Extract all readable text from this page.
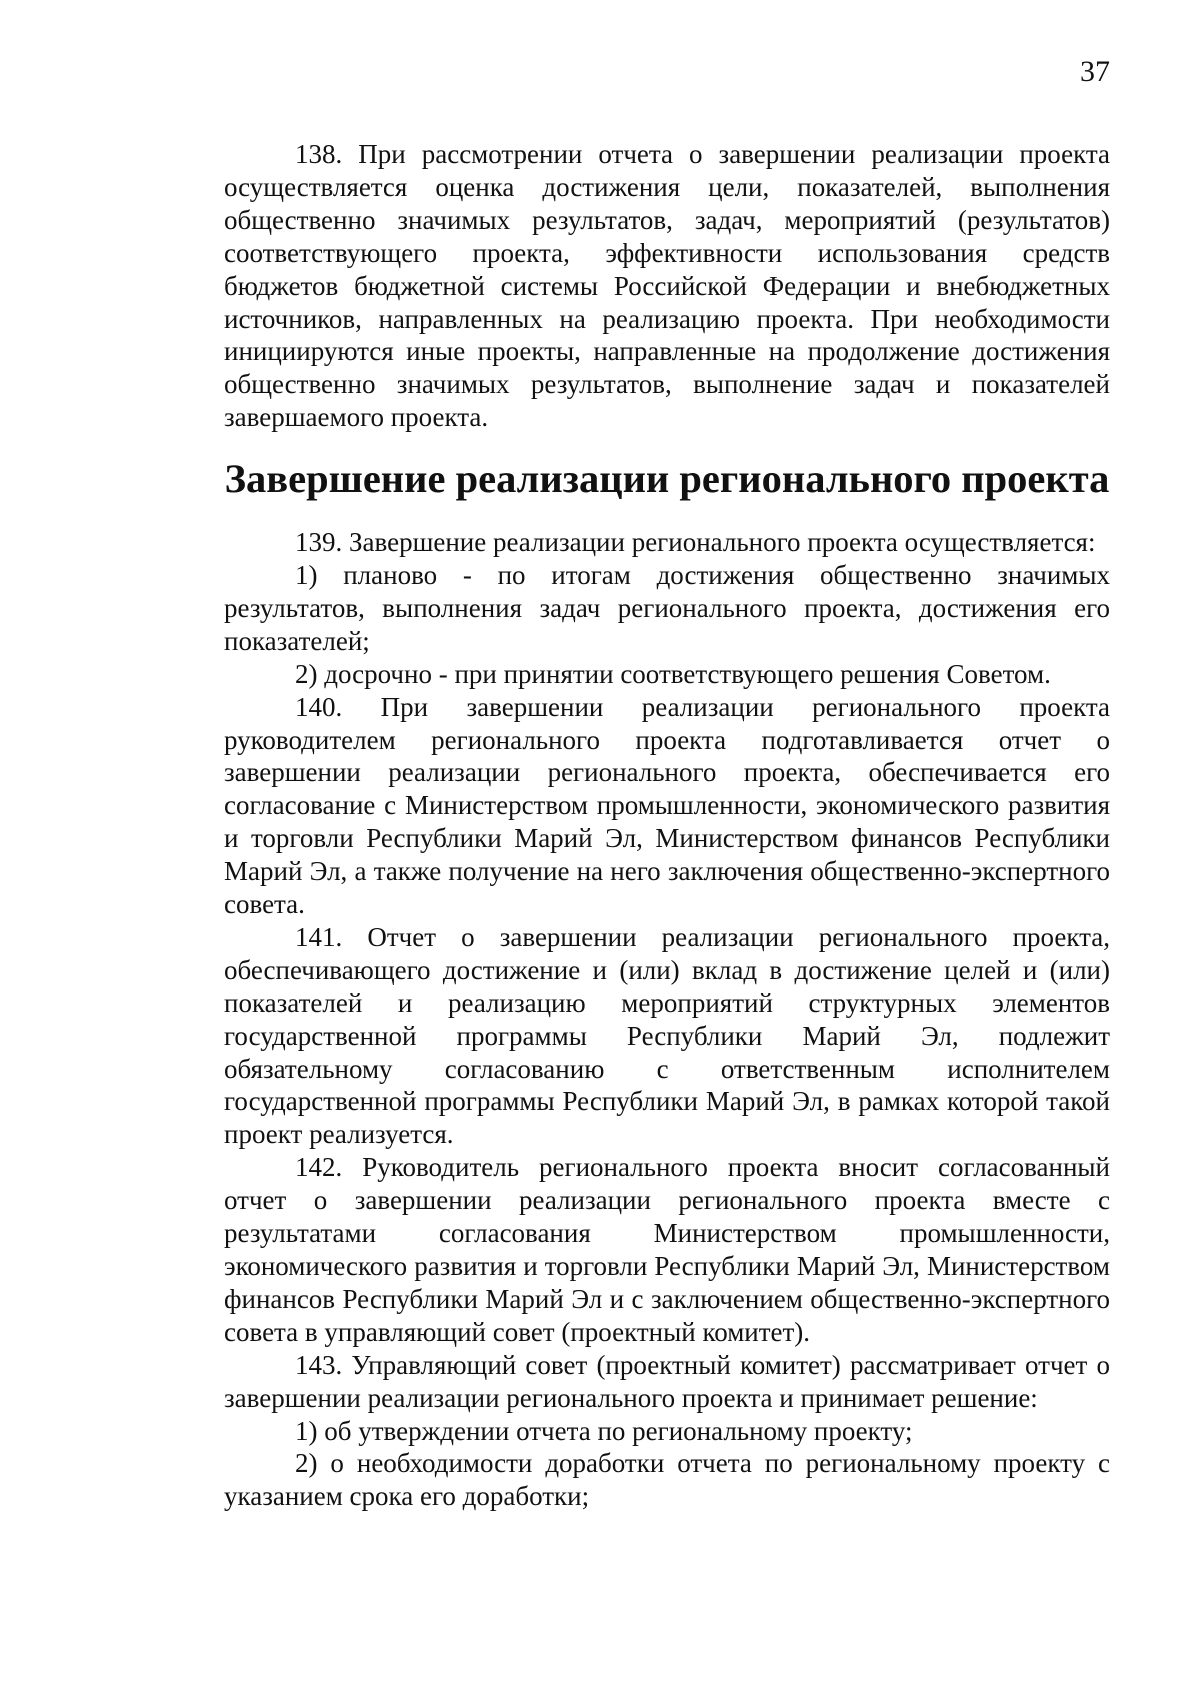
37

138. При рассмотрении отчета о завершении реализации проекта осуществляется оценка достижения цели, показателей, выполнения общественно значимых результатов, задач, мероприятий (результатов) соответствующего проекта, эффективности использования средств бюджетов бюджетной системы Российской Федерации и внебюджетных источников, направленных на реализацию проекта. При необходимости инициируются иные проекты, направленные на продолжение достижения общественно значимых результатов, выполнение задач и показателей завершаемого проекта.

Завершение реализации регионального проекта

139. Завершение реализации регионального проекта осуществляется:

1) планово - по итогам достижения общественно значимых результатов, выполнения задач регионального проекта, достижения его показателей;

2) досрочно - при принятии соответствующего решения Советом.

140. При завершении реализации регионального проекта руководителем регионального проекта подготавливается отчет о завершении реализации регионального проекта, обеспечивается его согласование с Министерством промышленности, экономического развития и торговли Республики Марий Эл, Министерством финансов Республики Марий Эл, а также получение на него заключения общественно-экспертного совета.

141. Отчет о завершении реализации регионального проекта, обеспечивающего достижение и (или) вклад в достижение целей и (или) показателей и реализацию мероприятий структурных элементов государственной программы Республики Марий Эл, подлежит обязательному согласованию с ответственным исполнителем государственной программы Республики Марий Эл, в рамках которой такой проект реализуется.

142. Руководитель регионального проекта вносит согласованный отчет о завершении реализации регионального проекта вместе с результатами согласования Министерством промышленности, экономического развития и торговли Республики Марий Эл, Министерством финансов Республики Марий Эл и с заключением общественно-экспертного совета в управляющий совет (проектный комитет).

143. Управляющий совет (проектный комитет) рассматривает отчет о завершении реализации регионального проекта и принимает решение:

1) об утверждении отчета по региональному проекту;

2) о необходимости доработки отчета по региональному проекту с указанием срока его доработки;
